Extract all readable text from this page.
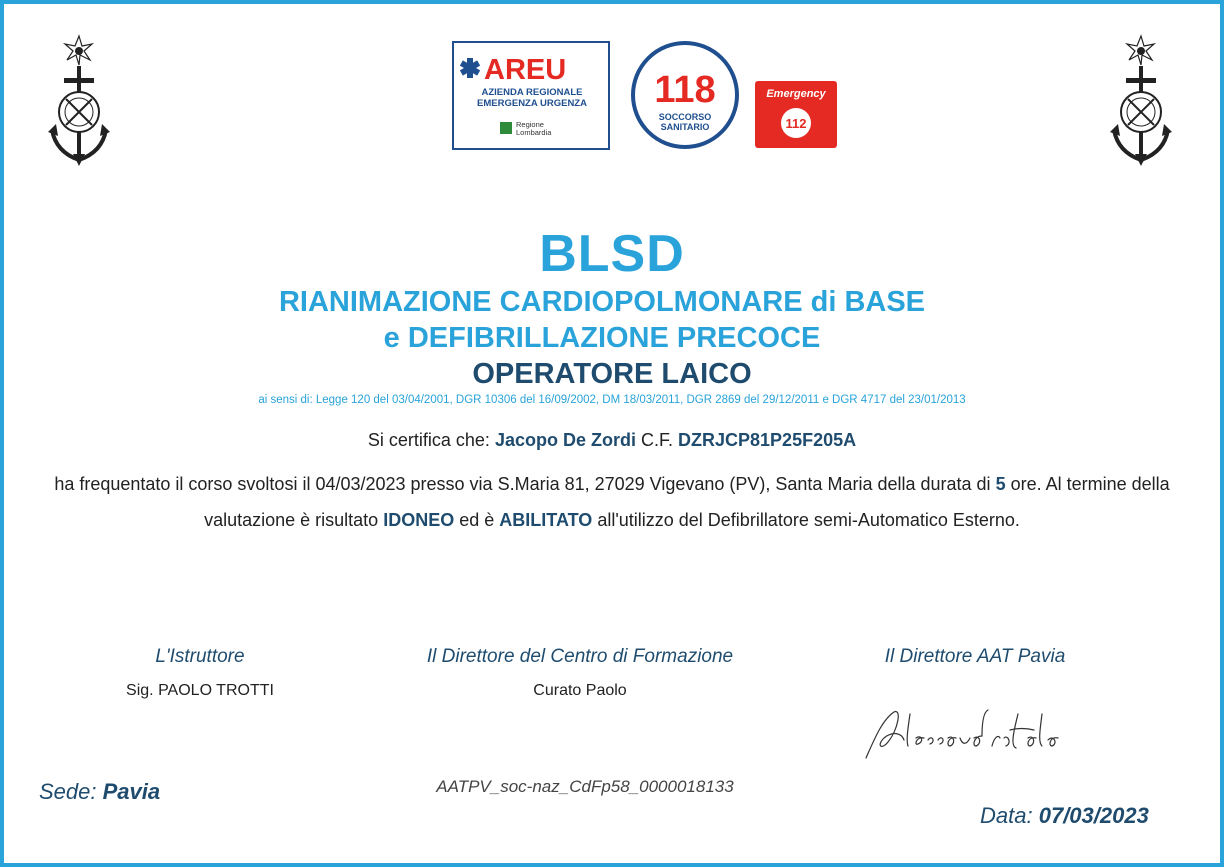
AREU
AZIENDA REGIONALE
EMERGENZA URGENZA
Regione
Lombardia
118
SOCCORSO
SANITARIO
Emergency
112
BLSD
RIANIMAZIONE CARDIOPOLMONARE di BASE
e DEFIBRILLAZIONE PRECOCE
OPERATORE LAICO
ai sensi di: Legge 120 del 03/04/2001, DGR 10306 del 16/09/2002, DM 18/03/2011, DGR 2869 del 29/12/2011 e DGR 4717 del 23/01/2013
Si certifica che: Jacopo De Zordi C.F. DZRJCP81P25F205A
ha frequentato il corso svoltosi il 04/03/2023 presso via S.Maria 81, 27029 Vigevano (PV), Santa Maria della durata di 5 ore. Al termine della valutazione è risultato IDONEO ed è ABILITATO all'utilizzo del Defibrillatore semi-Automatico Esterno.
L'Istruttore
Sig. PAOLO TROTTI
Il Direttore del Centro di Formazione
Curato Paolo
Il Direttore AAT Pavia
Sede: Pavia	AATPV_soc-naz_CdFp58_0000018133
Data: 07/03/2023
